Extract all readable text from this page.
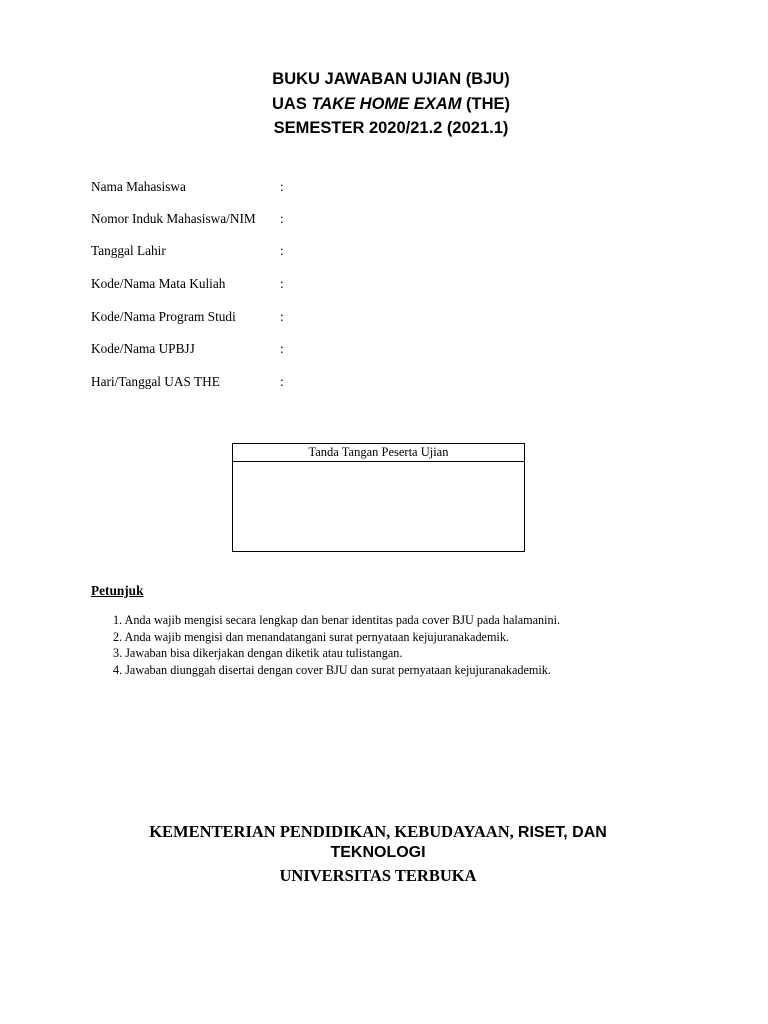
BUKU JAWABAN UJIAN (BJU)
UAS TAKE HOME EXAM (THE)
SEMESTER 2020/21.2 (2021.1)
Nama Mahasiswa	:
Nomor Induk Mahasiswa/NIM :
Tanggal Lahir	:
Kode/Nama Mata Kuliah	:
Kode/Nama Program Studi	:
Kode/Nama UPBJJ	:
Hari/Tanggal UAS THE	:
Tanda Tangan Peserta Ujian
Petunjuk
1. Anda wajib mengisi secara lengkap dan benar identitas pada cover BJU pada halamanini.
2. Anda wajib mengisi dan menandatangani surat pernyataan kejujuranakademik.
3. Jawaban bisa dikerjakan dengan diketik atau tulistangan.
4. Jawaban diunggah disertai dengan cover BJU dan surat pernyataan kejujuranakademik.
KEMENTERIAN PENDIDIKAN, KEBUDAYAAN, RISET, DAN
TEKNOLOGI
UNIVERSITAS TERBUKA
